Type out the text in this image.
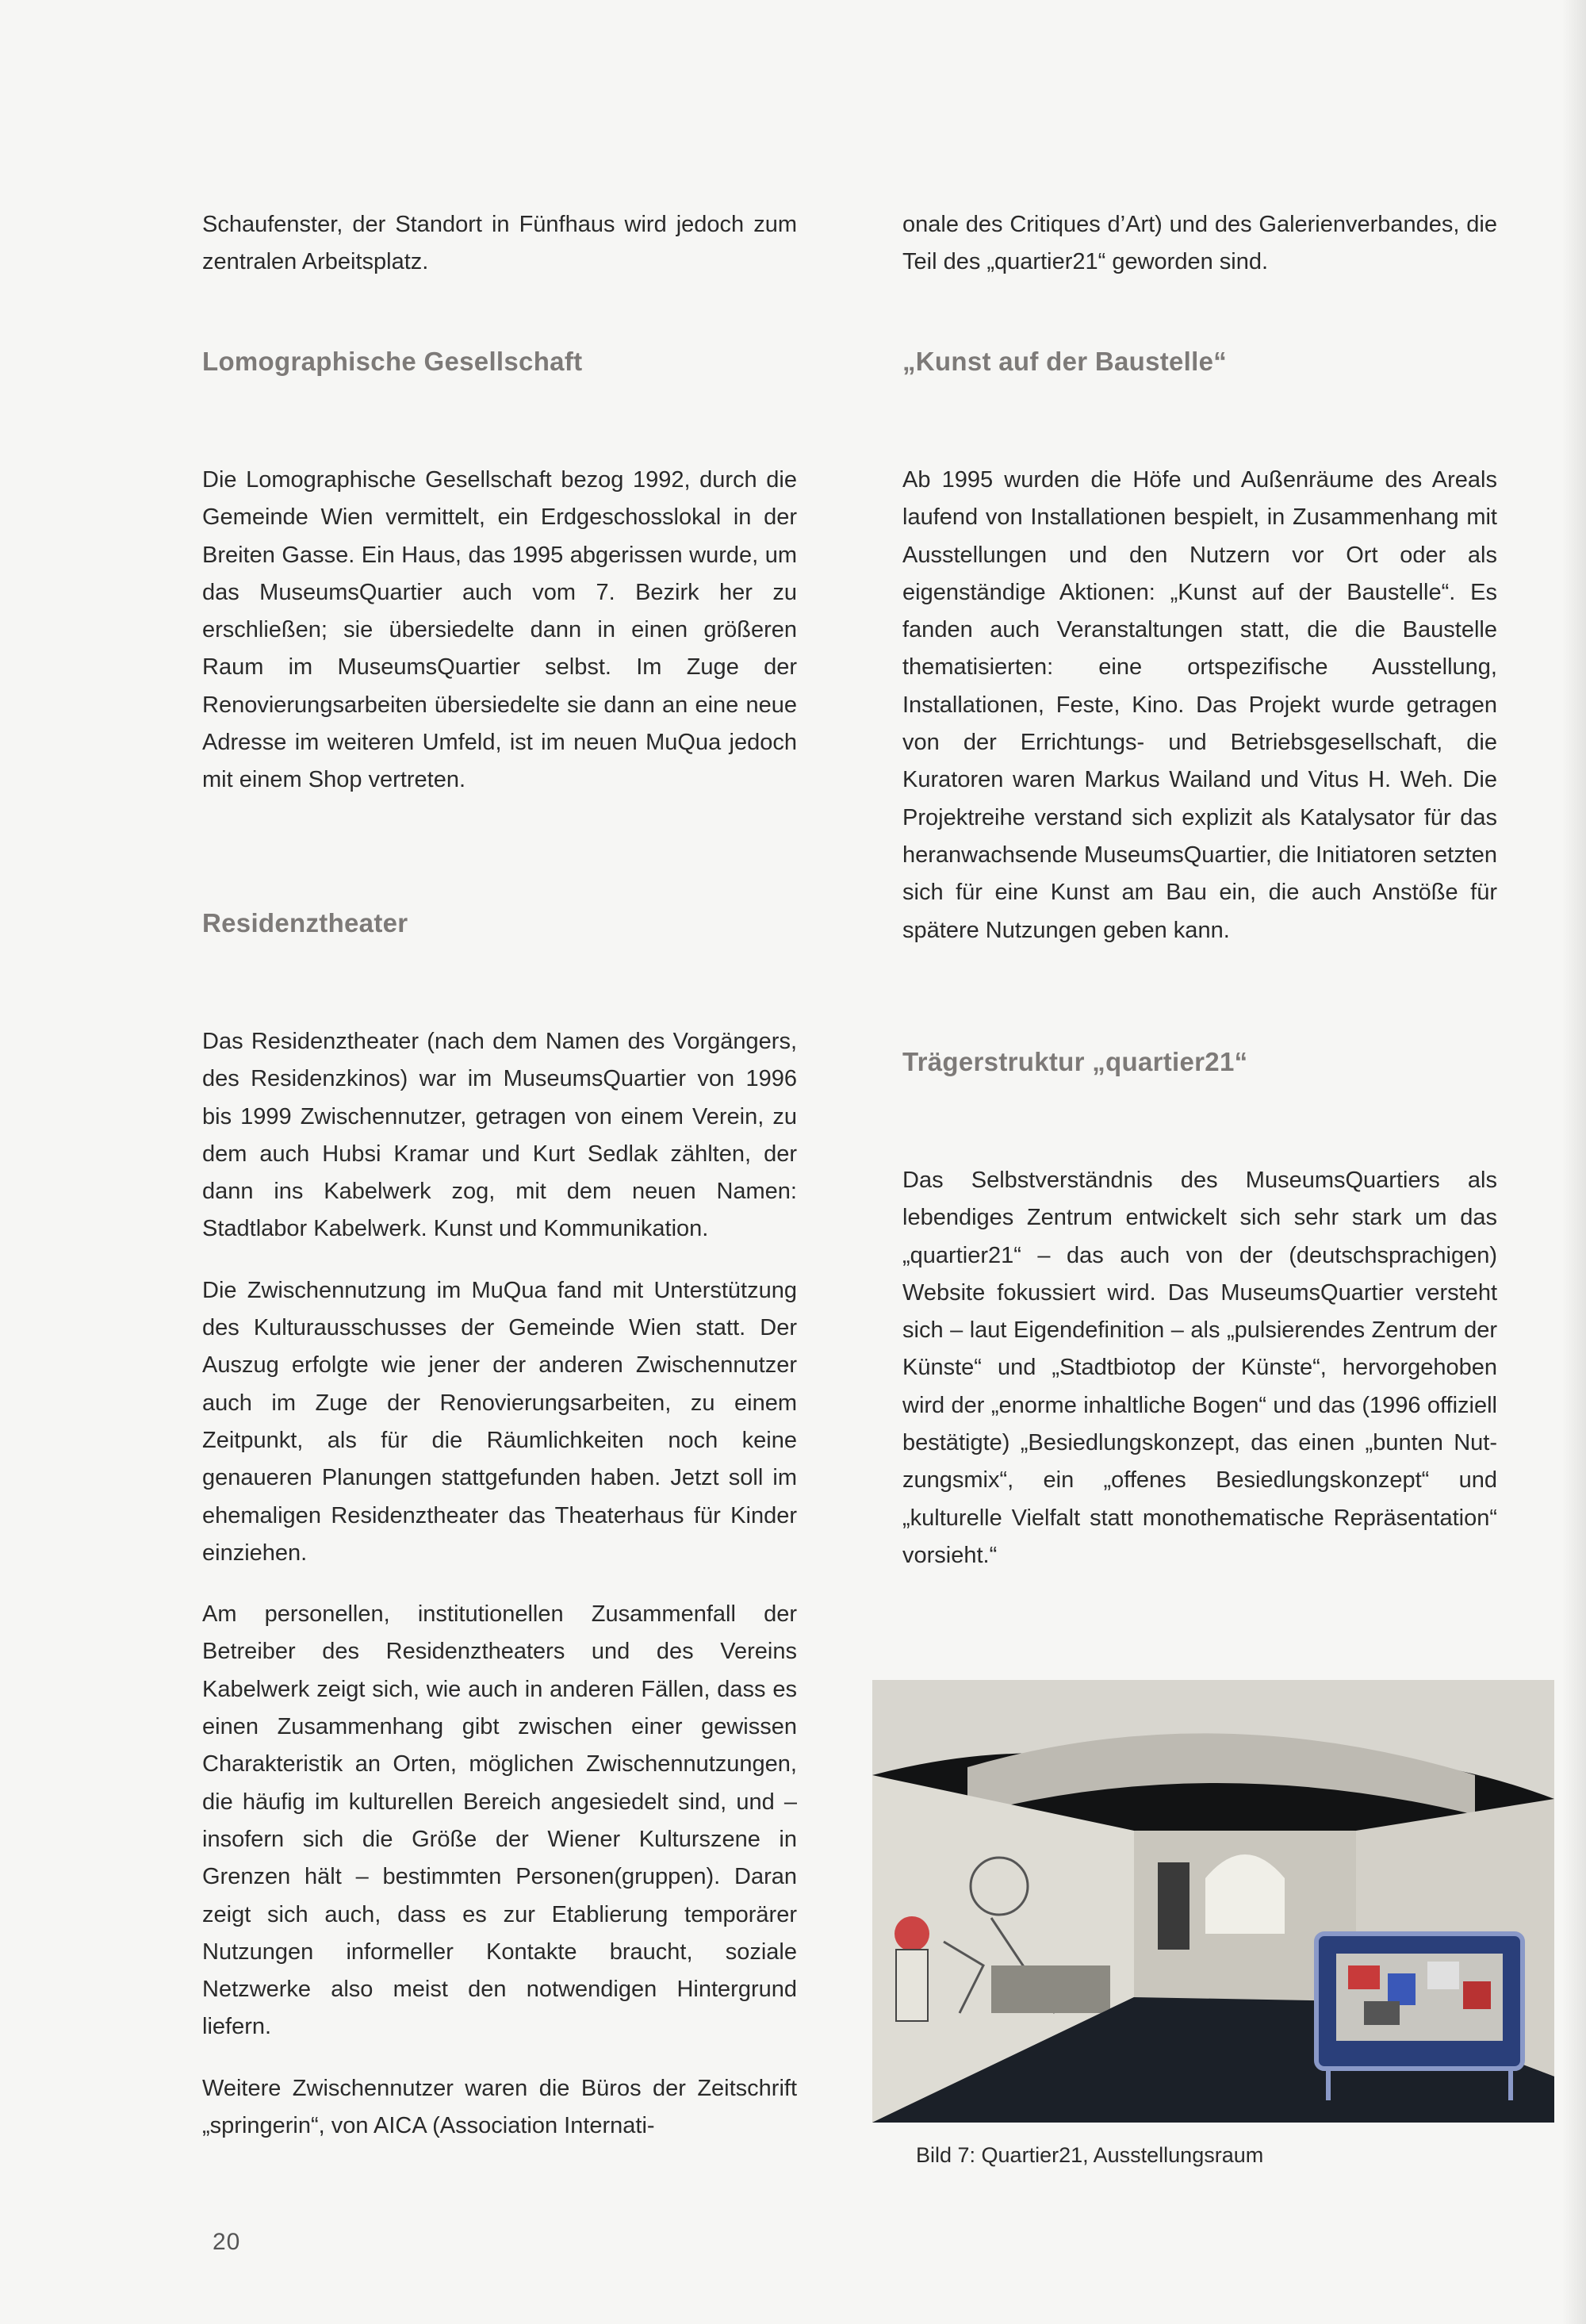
Schaufenster, der Standort in Fünfhaus wird jedoch zum zentralen Arbeitsplatz.

Lomographische Gesellschaft

Die Lomographische Gesellschaft bezog 1992, durch die Gemeinde Wien vermittelt, ein Erdgeschosslokal in der Breiten Gasse. Ein Haus, das 1995 abgerissen wurde, um das MuseumsQuartier auch vom 7. Bezirk her zu erschließen; sie übersiedelte dann in einen größeren Raum im MuseumsQuartier selbst. Im Zuge der Renovierungsarbeiten übersiedelte sie dann an eine neue Adresse im weiteren Umfeld, ist im neuen MuQua jedoch mit einem Shop vertreten.

Residenztheater

Das Residenztheater (nach dem Namen des Vorgängers, des Residenzkinos) war im MuseumsQuartier von 1996 bis 1999 Zwischennutzer, getragen von einem Verein, zu dem auch Hubsi Kramar und Kurt Sedlak zählten, der dann ins Kabelwerk zog, mit dem neuen Namen: Stadtlabor Kabelwerk. Kunst und Kommunikation.

Die Zwischennutzung im MuQua fand mit Unterstützung des Kulturausschusses der Gemeinde Wien statt. Der Auszug erfolgte wie jener der anderen Zwischennutzer auch im Zuge der Renovierungsarbeiten, zu einem Zeitpunkt, als für die Räumlichkeiten noch keine genaueren Planungen stattgefunden haben. Jetzt soll im ehemaligen Residenztheater das Theaterhaus für Kinder einziehen.

Am personellen, institutionellen Zusammenfall der Betreiber des Residenztheaters und des Vereins Kabelwerk zeigt sich, wie auch in anderen Fällen, dass es einen Zusammenhang gibt zwischen einer gewissen Charakteristik an Orten, möglichen Zwischennutzungen, die häufig im kulturellen Bereich angesiedelt sind, und – insofern sich die Größe der Wiener Kulturszene in Grenzen hält – bestimmten Personen(gruppen). Daran zeigt sich auch, dass es zur Etablierung temporärer Nutzungen informeller Kontakte braucht, soziale Netzwerke also meist den notwendigen Hintergrund liefern.

Weitere Zwischennutzer waren die Büros der Zeitschrift „springerin“, von AICA (Association Internati-

onale des Critiques d’Art) und des Galerienverbandes, die Teil des „quartier21“ geworden sind.

„Kunst auf der Baustelle“

Ab 1995 wurden die Höfe und Außenräume des Areals laufend von Installationen bespielt, in Zusammenhang mit Ausstellungen und den Nutzern vor Ort oder als eigenständige Aktionen: „Kunst auf der Baustelle“. Es fanden auch Veranstaltungen statt, die die Baustelle thematisierten: eine ortspezifische Ausstellung, Installationen, Feste, Kino. Das Projekt wurde getragen von der Errichtungs- und Betriebsgesellschaft, die Kuratoren waren Markus Wailand und Vitus H. Weh. Die Projektreihe verstand sich explizit als Katalysator für das heranwachsende MuseumsQuartier, die Initiatoren setzten sich für eine Kunst am Bau ein, die auch Anstöße für spätere Nutzungen geben kann.

Trägerstruktur „quartier21“

Das Selbstverständnis des MuseumsQuartiers als lebendiges Zentrum entwickelt sich sehr stark um das „quartier21“ – das auch von der (deutschsprachigen) Website fokussiert wird. Das MuseumsQuartier versteht sich – laut Eigendefinition – als „pulsierendes Zentrum der Künste“ und „Stadtbiotop der Künste“, hervorgehoben wird der „enorme inhaltliche Bogen“ und das (1996 offiziell bestätigte) „Besiedlungskonzept, das einen „bunten Nutzungsmix“, ein „offenes Besiedlungskonzept“ und „kulturelle Vielfalt statt monothematische Repräsentation“ vorsieht.“

Bild 7: Quartier21, Ausstellungsraum
20
